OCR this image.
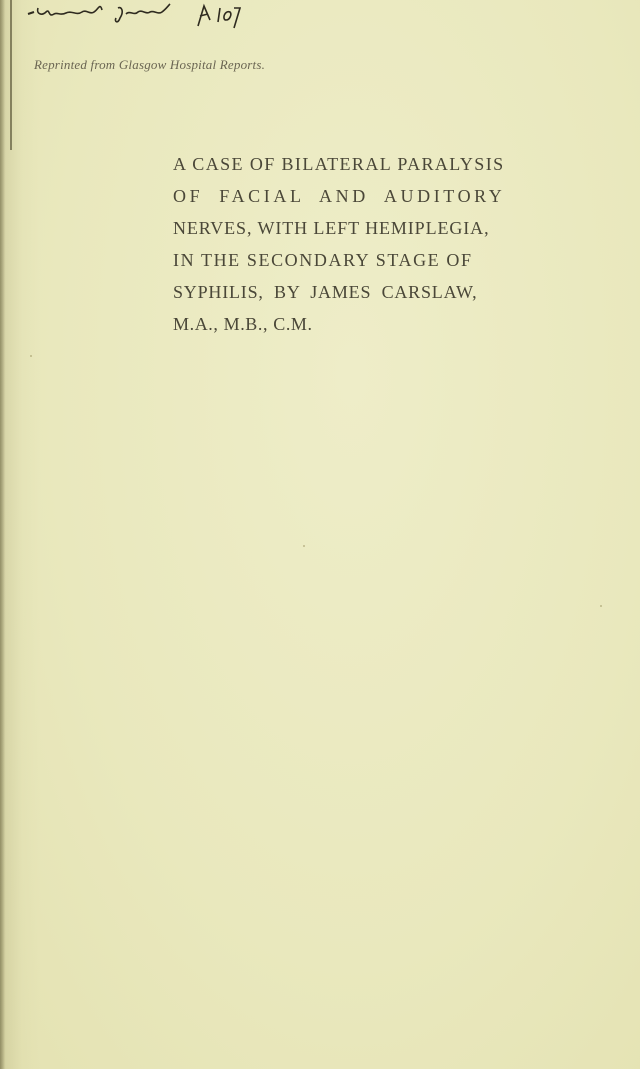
Reprinted from Glasgow Hospital Reports.
A CASE OF BILATERAL PARALYSIS
OF FACIAL AND AUDITORY
NERVES, WITH LEFT HEMIPLEGIA,
IN THE SECONDARY STAGE OF
SYPHILIS, BY JAMES CARSLAW,
M.A., M.B., C.M.
